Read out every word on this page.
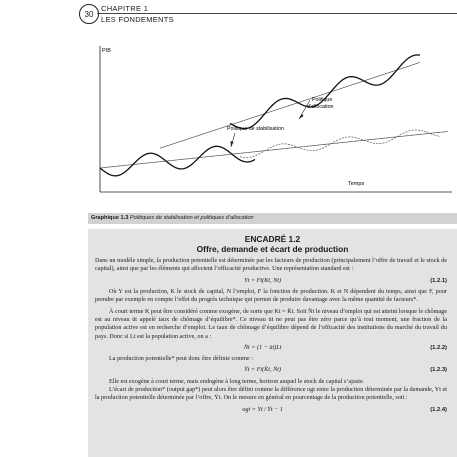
30
CHAPITRE 1
LES FONDEMENTS
PIB
Temps
Politique
d’allocation
Politique de stabilisation
Graphique 1.3 Politiques de stabilisation et politiques d’allocation
ENCADRÉ 1.2
Offre, demande et écart de production

Dans un modèle simple, la production potentielle est déterminée par les facteurs de production (principalement l’offre de travail et le stock de capital), ainsi que par les éléments qui affectent l’efficacité productive. Une représentation standard est :

Yt = Ft(Kt, Nt)	(1.2.1)

Où Y est la production, K le stock de capital, N l’emploi, F la fonction de production. K et N dépendent du temps, ainsi que F, pour prendre par exemple en compte l’effet du progrès technique qui permet de produire davantage avec la même quantité de facteurs*.

À court terme K peut être considéré comme exogène, de sorte que Kt = K̄t. Soit N̄t le niveau d’emploi qui est atteint lorsque le chômage est au niveau ūt appelé taux de chômage d’équilibre*. Ce niveau ūt ne peut pas être zéro parce qu’à tout moment, une fraction de la population active est en recherche d’emploi. Le taux de chômage d’équilibre dépend de l’efficacité des institutions du marché du travail du pays. Donc si Lt est la population active, on a :

N̄t = (1 − ūt)Lt	(1.2.2)

La production potentielle* peut donc être définie comme :

Ȳt = Ft(K̄t, N̄t)	(1.2.3)

Elle est exogène à court terme, mais endogène à long terme, horizon auquel le stock de capital s’ajuste.

L’écart de production* (output gap*) peut alors être défini comme la différence ogt entre la production déterminée par la demande, Yt et la production potentielle déterminée par l’offre, Ȳt. On le mesure en général en pourcentage de la production potentielle, soit :

ogt = Yt / Ȳt − 1	(1.2.4)
